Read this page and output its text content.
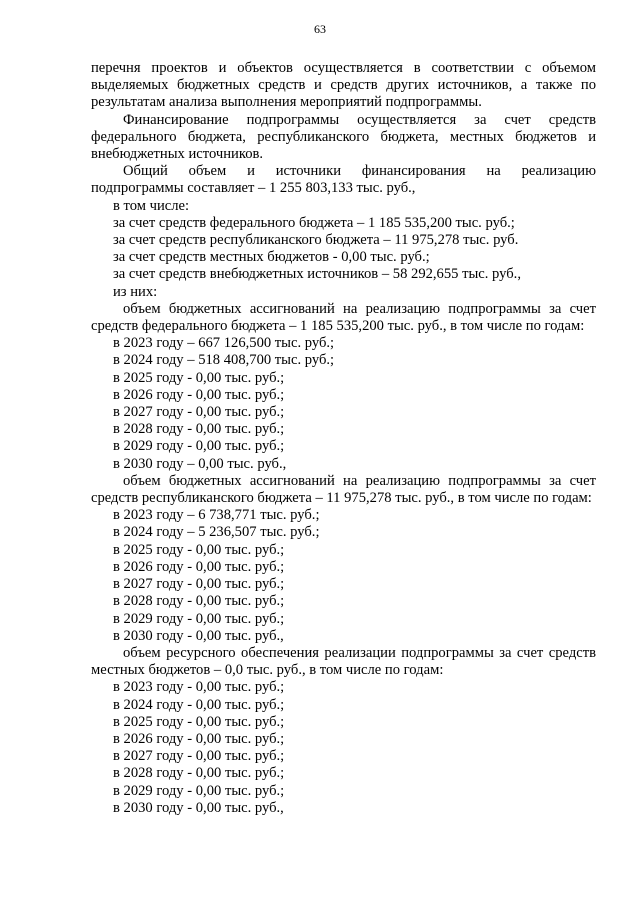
63

перечня проектов и объектов осуществляется в соответствии с объемом выделяемых бюджетных средств и средств других источников, а также по результатам анализа выполнения мероприятий подпрограммы.

Финансирование подпрограммы осуществляется за счет средств федерального бюджета, республиканского бюджета, местных бюджетов и внебюджетных источников.

Общий объем и источники финансирования на реализацию

подпрограммы составляет – 1 255 803,133 тыс. руб.,

в том числе:

за счет средств федерального бюджета – 1 185 535,200 тыс. руб.;

за счет средств республиканского бюджета – 11 975,278 тыс. руб.

за счет средств местных бюджетов - 0,00 тыс. руб.;

за счет средств внебюджетных источников – 58 292,655 тыс. руб.,

из них:

объем бюджетных ассигнований на реализацию подпрограммы за счет средств федерального бюджета – 1 185 535,200 тыс. руб., в том числе по годам:

в 2023 году – 667 126,500 тыс. руб.;

в 2024 году – 518 408,700 тыс. руб.;

в 2025 году - 0,00 тыс. руб.;

в 2026 году - 0,00 тыс. руб.;

в 2027 году - 0,00 тыс. руб.;

в 2028 году - 0,00 тыс. руб.;

в 2029 году - 0,00 тыс. руб.;

в 2030 году – 0,00 тыс. руб.,

объем бюджетных ассигнований на реализацию подпрограммы за счет средств республиканского бюджета – 11 975,278 тыс. руб., в том числе по годам:

в 2023 году – 6 738,771 тыс. руб.;

в 2024 году – 5 236,507 тыс. руб.;

в 2025 году - 0,00 тыс. руб.;

в 2026 году - 0,00 тыс. руб.;

в 2027 году - 0,00 тыс. руб.;

в 2028 году - 0,00 тыс. руб.;

в 2029 году - 0,00 тыс. руб.;

в 2030 году - 0,00 тыс. руб.,

объем ресурсного обеспечения реализации подпрограммы за счет средств местных бюджетов – 0,0 тыс. руб., в том числе по годам:

в 2023 году - 0,00 тыс. руб.;

в 2024 году - 0,00 тыс. руб.;

в 2025 году - 0,00 тыс. руб.;

в 2026 году - 0,00 тыс. руб.;

в 2027 году - 0,00 тыс. руб.;

в 2028 году - 0,00 тыс. руб.;

в 2029 году - 0,00 тыс. руб.;

в 2030 году - 0,00 тыс. руб.,
